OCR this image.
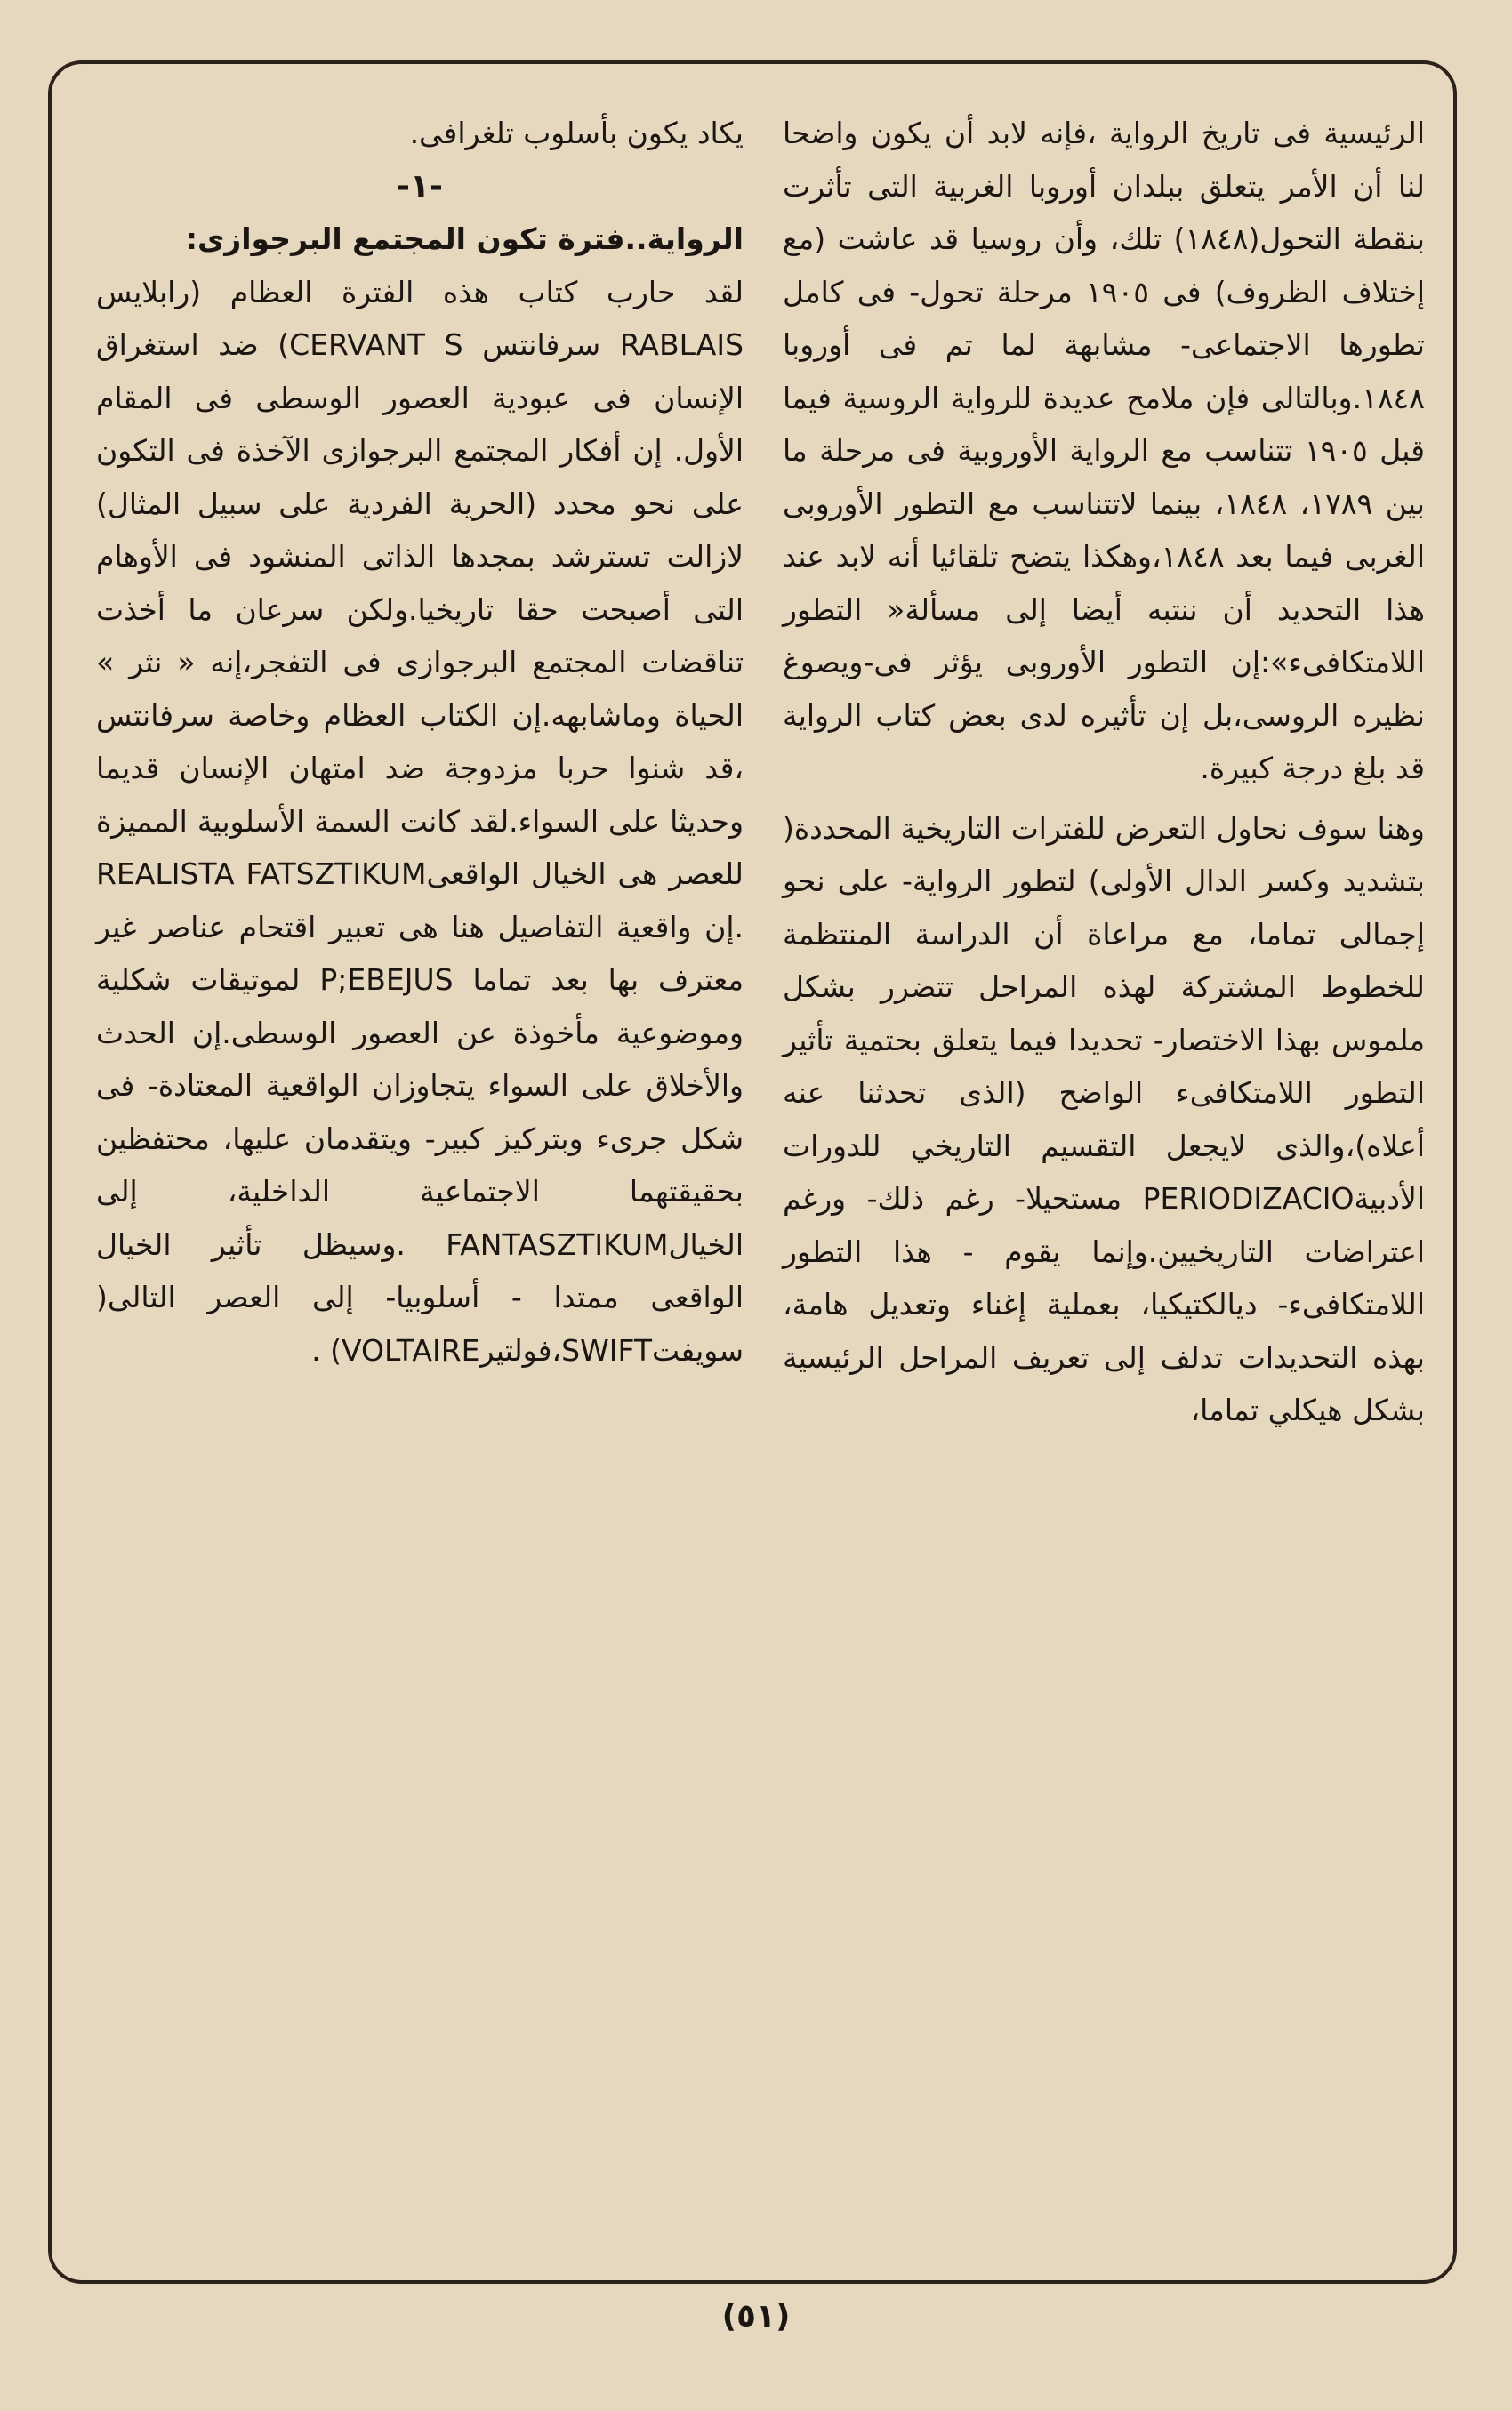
الرئيسية فى تاريخ الرواية ،فإنه لابد أن يكون واضحا لنا أن الأمر يتعلق ببلدان أوروبا الغربية التى تأثرت بنقطة التحول(١٨٤٨) تلك، وأن روسيا قد عاشت (مع إختلاف الظروف) فى ١٩٠٥ مرحلة تحول- فى كامل تطورها الاجتماعى- مشابهة لما تم فى أوروبا ١٨٤٨.وبالتالى فإن ملامح عديدة للرواية الروسية فيما قبل ١٩٠٥ تتناسب مع الرواية الأوروبية فى مرحلة ما بين ١٧٨٩، ١٨٤٨، بينما لاتتناسب مع التطور الأوروبى الغربى فيما بعد ١٨٤٨،وهكذا يتضح تلقائيا أنه لابد عند هذا التحديد أن ننتبه أيضا إلى مسألة« التطور اللامتكافىء»:إن التطور الأوروبى يؤثر فى-ويصوغ نظيره الروسى،بل إن تأثيره لدى بعض كتاب الرواية قد بلغ درجة كبيرة.

وهنا سوف نحاول التعرض للفترات التاريخية المحددة( بتشديد وكسر الدال الأولى) لتطور الرواية- على نحو إجمالى تماما، مع مراعاة أن الدراسة المنتظمة للخطوط المشتركة لهذه المراحل تتضرر بشكل ملموس بهذا الاختصار- تحديدا فيما يتعلق بحتمية تأثير التطور اللامتكافىء الواضح (الذى تحدثنا عنه أعلاه)،والذى لايجعل التقسيم التاريخي للدورات الأدبيةPERIODIZACIO مستحيلا- رغم ذلك- ورغم اعتراضات التاريخيين.وإنما يقوم - هذا التطور اللامتكافىء- ديالكتيكيا، بعملية إغناء وتعديل هامة، بهذه التحديدات تدلف إلى تعريف المراحل الرئيسية بشكل هيكلي تماما،

يكاد يكون بأسلوب تلغرافى.

-١-

الرواية..فترة تكون المجتمع البرجوازى:

لقد حارب كتاب هذه الفترة العظام (رابلايس RABLAIS سرفانتس CERVANT S) ضد استغراق الإنسان فى عبودية العصور الوسطى فى المقام الأول. إن أفكار المجتمع البرجوازى الآخذة فى التكون على نحو محدد (الحرية الفردية على سبيل المثال) لازالت تسترشد بمجدها الذاتى المنشود فى الأوهام التى أصبحت حقا تاريخيا.ولكن سرعان ما أخذت تناقضات المجتمع البرجوازى فى التفجر،إنه « نثر » الحياة وماشابهه.إن الكتاب العظام وخاصة سرفانتس ،قد شنوا حربا مزدوجة ضد امتهان الإنسان قديما وحديثا على السواء.لقد كانت السمة الأسلوبية المميزة للعصر هى الخيال الواقعىREALISTA FATSZTIKUM .إن واقعية التفاصيل هنا هى تعبير اقتحام عناصر غير معترف بها بعد تماما P;EBEJUS لموتيقات شكلية وموضوعية مأخوذة عن العصور الوسطى.إن الحدث والأخلاق على السواء يتجاوزان الواقعية المعتادة- فى شكل جرىء وبتركيز كبير- ويتقدمان عليها، محتفظين بحقيقتهما الاجتماعية الداخلية، إلى الخيالFANTASZTIKUM .وسيظل تأثير الخيال الواقعى ممتدا - أسلوبيا- إلى العصر التالى( سويفتSWIFT،فولتيرVOLTAIRE) .

(٥١)
